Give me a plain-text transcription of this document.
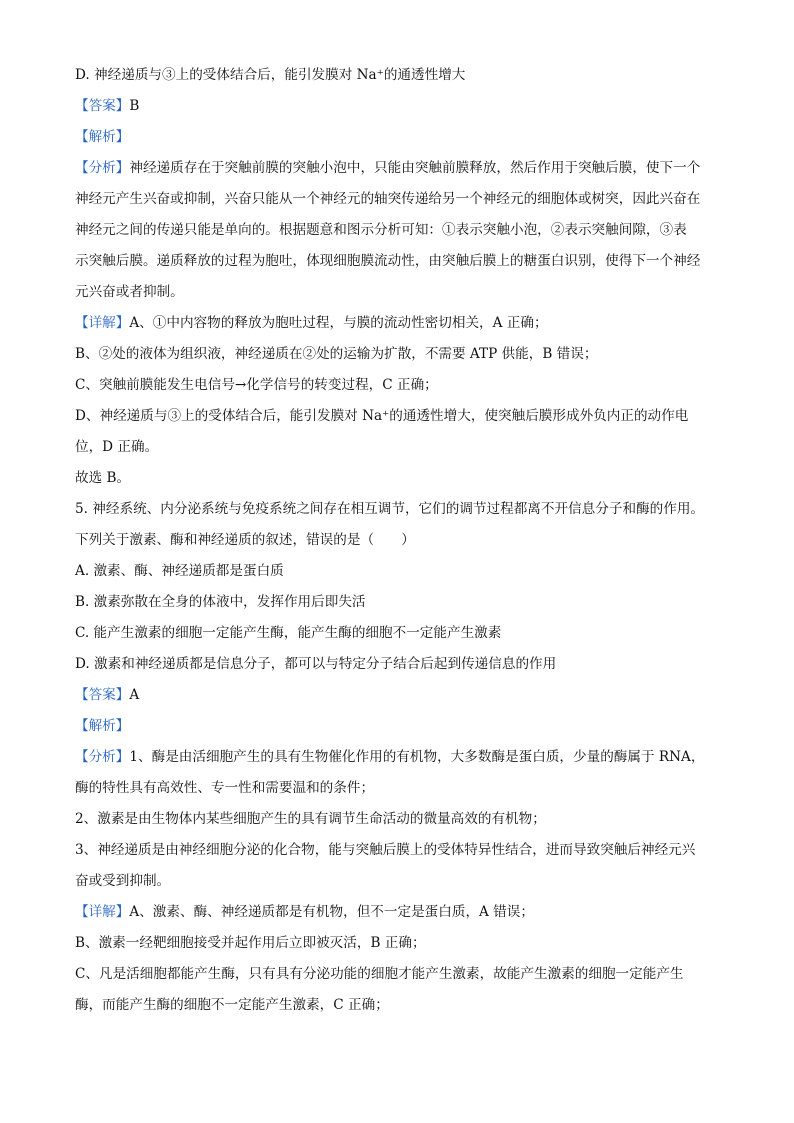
D. 神经递质与③上的受体结合后，能引发膜对 Na⁺的通透性增大
【答案】B
【解析】
【分析】神经递质存在于突触前膜的突触小泡中，只能由突触前膜释放，然后作用于突触后膜，使下一个
神经元产生兴奋或抑制，兴奋只能从一个神经元的轴突传递给另一个神经元的细胞体或树突，因此兴奋在
神经元之间的传递只能是单向的。根据题意和图示分析可知：①表示突触小泡，②表示突触间隙，③表
示突触后膜。递质释放的过程为胞吐，体现细胞膜流动性，由突触后膜上的糖蛋白识别，使得下一个神经
元兴奋或者抑制。
【详解】A、①中内容物的释放为胞吐过程，与膜的流动性密切相关，A 正确；
B、②处的液体为组织液，神经递质在②处的运输为扩散，不需要 ATP 供能，B 错误；
C、突触前膜能发生电信号→化学信号的转变过程，C 正确；
D、神经递质与③上的受体结合后，能引发膜对 Na⁺的通透性增大，使突触后膜形成外负内正的动作电
位，D 正确。
故选 B。
5. 神经系统、内分泌系统与免疫系统之间存在相互调节，它们的调节过程都离不开信息分子和酶的作用。
下列关于激素、酶和神经递质的叙述，错误的是（　　）
A. 激素、酶、神经递质都是蛋白质
B. 激素弥散在全身的体液中，发挥作用后即失活
C. 能产生激素的细胞一定能产生酶，能产生酶的细胞不一定能产生激素
D. 激素和神经递质都是信息分子，都可以与特定分子结合后起到传递信息的作用
【答案】A
【解析】
【分析】1、酶是由活细胞产生的具有生物催化作用的有机物，大多数酶是蛋白质，少量的酶属于 RNA，
酶的特性具有高效性、专一性和需要温和的条件；
2、激素是由生物体内某些细胞产生的具有调节生命活动的微量高效的有机物；
3、神经递质是由神经细胞分泌的化合物，能与突触后膜上的受体特异性结合，进而导致突触后神经元兴
奋或受到抑制。
【详解】A、激素、酶、神经递质都是有机物，但不一定是蛋白质，A 错误；
B、激素一经靶细胞接受并起作用后立即被灭活，B 正确；
C、凡是活细胞都能产生酶，只有具有分泌功能的细胞才能产生激素，故能产生激素的细胞一定能产生
酶，而能产生酶的细胞不一定能产生激素，C 正确；
